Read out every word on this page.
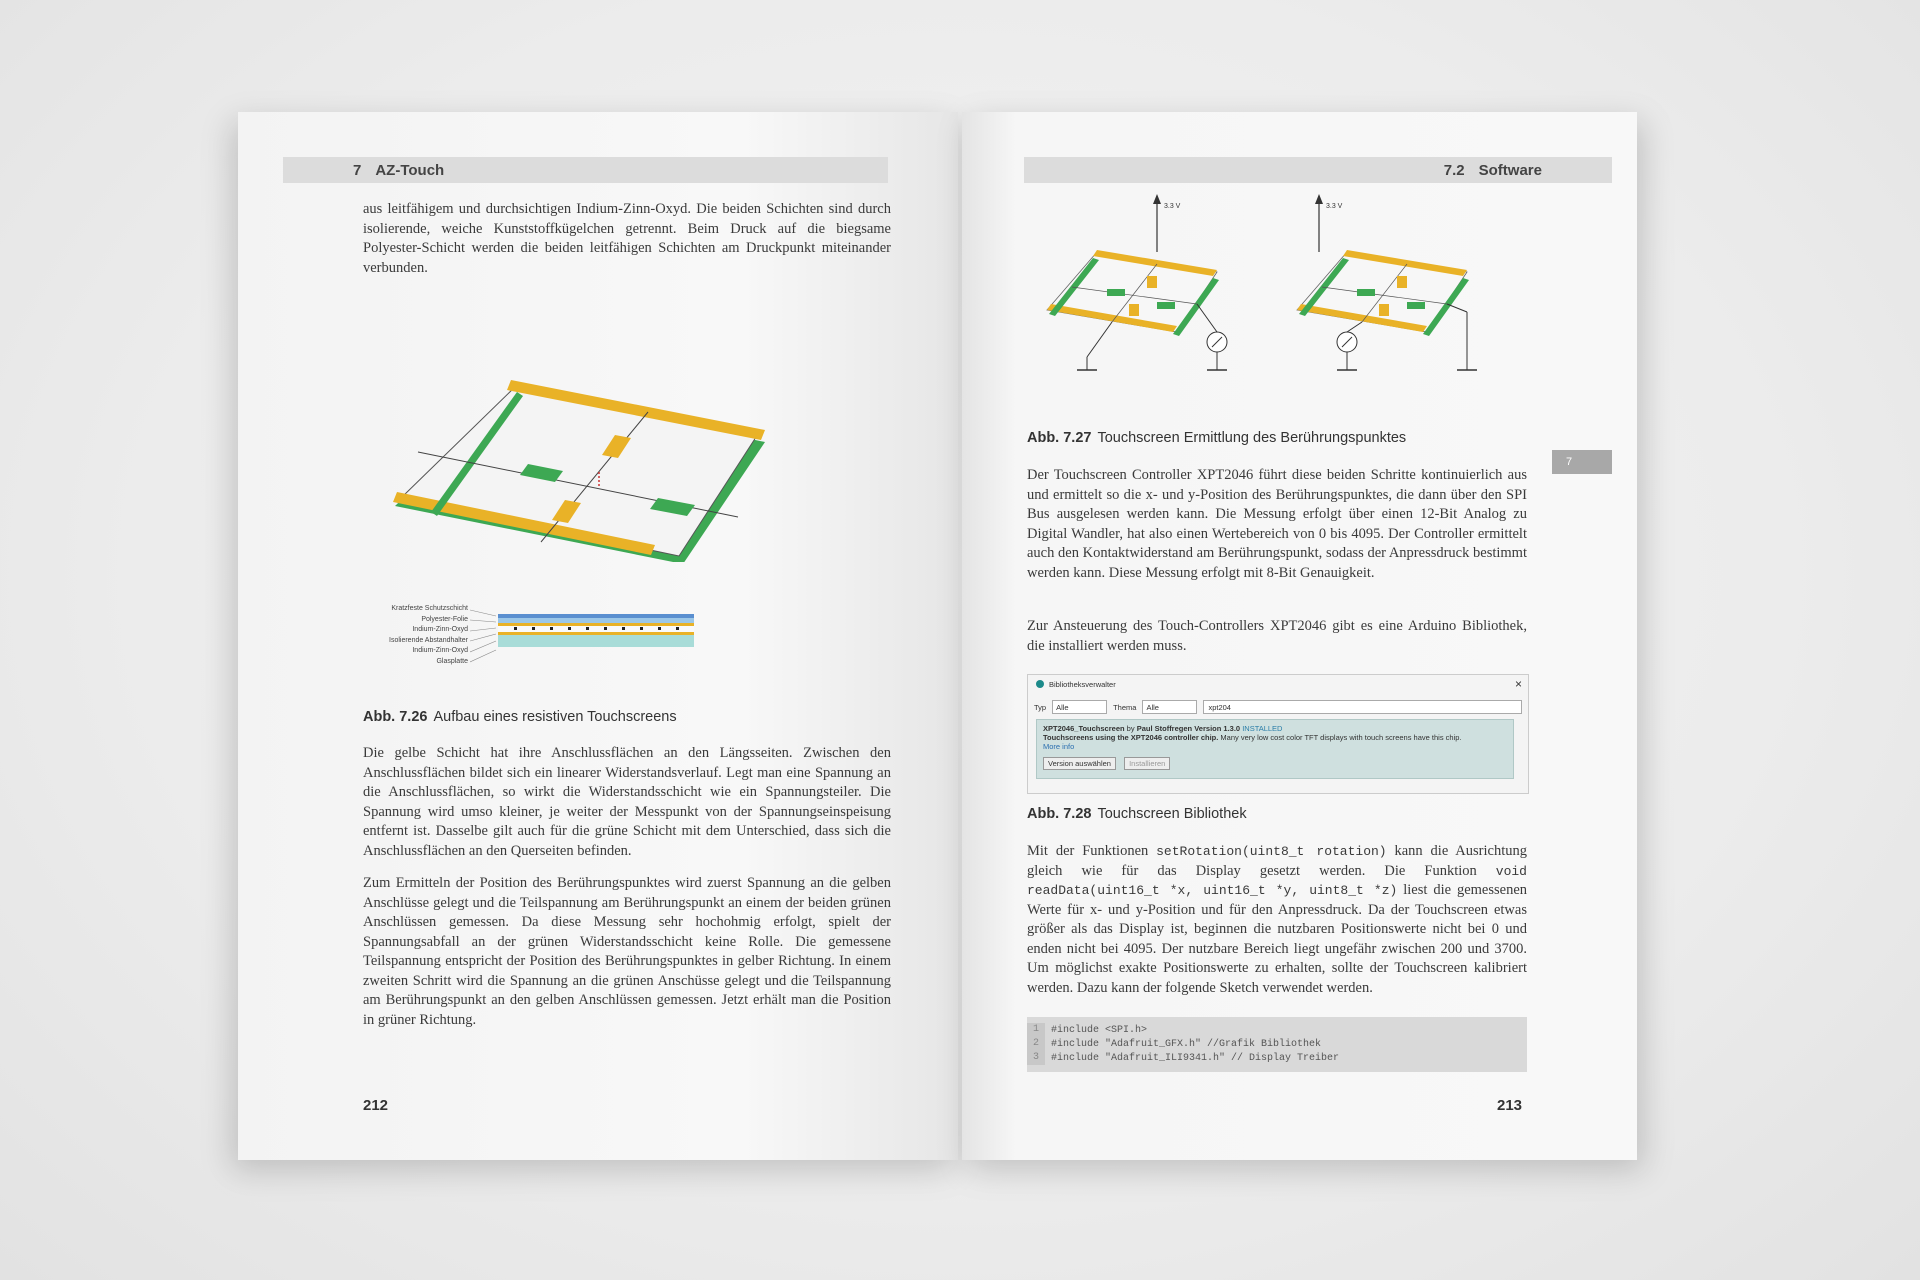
7 AZ-Touch
aus leitfähigem und durchsichtigen Indium-Zinn-Oxyd. Die beiden Schichten sind durch isolierende, weiche Kunststoffkügelchen getrennt. Beim Druck auf die biegsame Polyester-Schicht werden die beiden leitfähigen Schichten am Druckpunkt miteinander verbunden.
Kratzfeste Schutzschicht
Polyester-Folie
Indium-Zinn-Oxyd
Isolierende Abstandhalter
Indium-Zinn-Oxyd
Glasplatte
Abb. 7.26 Aufbau eines resistiven Touchscreens
Die gelbe Schicht hat ihre Anschlussflächen an den Längsseiten. Zwischen den Anschlussflächen bildet sich ein linearer Widerstandsverlauf. Legt man eine Spannung an die Anschlussflächen, so wirkt die Widerstandsschicht wie ein Spannungsteiler. Die Spannung wird umso kleiner, je weiter der Messpunkt von der Spannungseinspeisung entfernt ist. Dasselbe gilt auch für die grüne Schicht mit dem Unterschied, dass sich die Anschlussflächen an den Querseiten befinden.
Zum Ermitteln der Position des Berührungspunktes wird zuerst Spannung an die gelben Anschlüsse gelegt und die Teilspannung am Berührungspunkt an einem der beiden grünen Anschlüssen gemessen. Da diese Messung sehr hochohmig erfolgt, spielt der Spannungsabfall an der grünen Widerstandsschicht keine Rolle. Die gemessene Teilspannung entspricht der Position des Berührungspunktes in gelber Richtung. In einem zweiten Schritt wird die Spannung an die grünen Anschüsse gelegt und die Teilspannung am Berührungspunkt an den gelben Anschlüssen gemessen. Jetzt erhält man die Position in grüner Richtung.
212
7.2 Software
7
3.3 V	3.3 V
Abb. 7.27 Touchscreen Ermittlung des Berührungspunktes
Der Touchscreen Controller XPT2046 führt diese beiden Schritte kontinuierlich aus und ermittelt so die x- und y-Position des Berührungspunktes, die dann über den SPI Bus ausgelesen werden kann. Die Messung erfolgt über einen 12-Bit Analog zu Digital Wandler, hat also einen Wertebereich von 0 bis 4095. Der Controller ermittelt auch den Kontaktwiderstand am Berührungspunkt, sodass der Anpressdruck bestimmt werden kann. Diese Messung erfolgt mit 8-Bit Genauigkeit.
Zur Ansteuerung des Touch-Controllers XPT2046 gibt es eine Arduino Bibliothek, die installiert werden muss.
Bibliotheksverwalter	×
Typ	Alle	Thema	Alle	xpt204
XPT2046_Touchscreen by Paul Stoffregen Version 1.3.0 INSTALLED
Touchscreens using the XPT2046 controller chip. Many very low cost color TFT displays with touch screens have this chip.
More info
Version auswählen Installieren
Abb. 7.28 Touchscreen Bibliothek
Mit der Funktionen setRotation(uint8_t rotation) kann die Ausrichtung gleich wie für das Display gesetzt werden. Die Funktion void readData(uint16_t *x, uint16_t *y, uint8_t *z) liest die gemessenen Werte für x- und y-Position und für den Anpressdruck. Da der Touchscreen etwas größer als das Display ist, beginnen die nutzbaren Positionswerte nicht bei 0 und enden nicht bei 4095. Der nutzbare Bereich liegt ungefähr zwischen 200 und 3700. Um möglichst exakte Positionswerte zu erhalten, sollte der Touchscreen kalibriert werden. Dazu kann der folgende Sketch verwendet werden.
1	#include <SPI.h>
2	#include "Adafruit_GFX.h" //Grafik Bibliothek
3	#include "Adafruit_ILI9341.h" // Display Treiber
213
